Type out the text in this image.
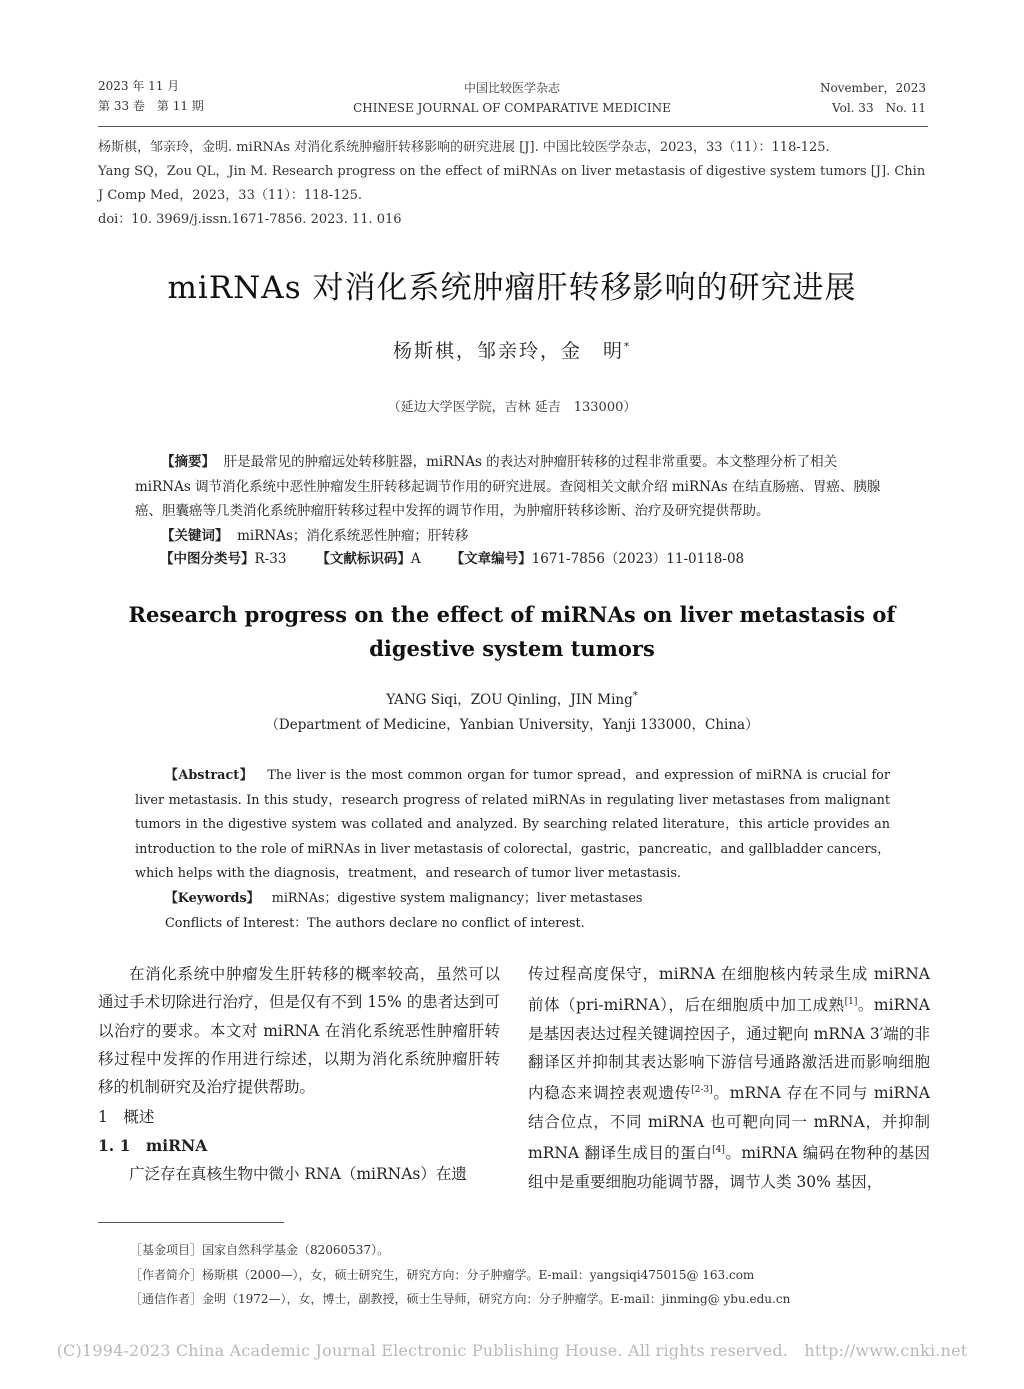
2023 年 11 月
第 33 卷　第 11 期
中国比较医学杂志
CHINESE JOURNAL OF COMPARATIVE MEDICINE
November，2023
Vol. 33　No. 11

杨斯棋，邹亲玲，金明. miRNAs 对消化系统肿瘤肝转移影响的研究进展 [J]. 中国比较医学杂志，2023，33（11）：118-125.

Yang SQ，Zou QL，Jin M. Research progress on the effect of miRNAs on liver metastasis of digestive system tumors [J]. Chin J Comp Med，2023，33（11）：118-125.

doi：10. 3969/j.issn.1671-7856. 2023. 11. 016

miRNAs 对消化系统肿瘤肝转移影响的研究进展
杨斯棋，邹亲玲，金　明*
（延边大学医学院，吉林 延吉　133000）

【摘要】 肝是最常见的肿瘤远处转移脏器，miRNAs 的表达对肿瘤肝转移的过程非常重要。本文整理分析了相关 miRNAs 调节消化系统中恶性肿瘤发生肝转移起调节作用的研究进展。查阅相关文献介绍 miRNAs 在结直肠癌、胃癌、胰腺癌、胆囊癌等几类消化系统肿瘤肝转移过程中发挥的调节作用，为肿瘤肝转移诊断、治疗及研究提供帮助。

【关键词】 miRNAs；消化系统恶性肿瘤；肝转移

【中图分类号】R-33 【文献标识码】A 【文章编号】1671-7856（2023）11-0118-08
Research progress on the effect of miRNAs on liver metastasis of
digestive system tumors
YANG Siqi，ZOU Qinling，JIN Ming*
（Department of Medicine，Yanbian University，Yanji 133000，China）

【Abstract】 The liver is the most common organ for tumor spread，and expression of miRNA is crucial for liver metastasis. In this study，research progress of related miRNAs in regulating liver metastases from malignant tumors in the digestive system was collated and analyzed. By searching related literature，this article provides an introduction to the role of miRNAs in liver metastasis of colorectal，gastric，pancreatic，and gallbladder cancers，which helps with the diagnosis，treatment，and research of tumor liver metastasis.

【Keywords】 miRNAs；digestive system malignancy；liver metastases

Conflicts of Interest：The authors declare no conflict of interest.

在消化系统中肿瘤发生肝转移的概率较高，虽然可以通过手术切除进行治疗，但是仅有不到 15% 的患者达到可以治疗的要求。本文对 miRNA 在消化系统恶性肿瘤肝转移过程中发挥的作用进行综述，以期为消化系统肿瘤肝转移的机制研究及治疗提供帮助。

1　概述

1. 1　miRNA

广泛存在真核生物中微小 RNA（miRNAs）在遗

传过程高度保守，miRNA 在细胞核内转录生成 miRNA 前体（pri-miRNA），后在细胞质中加工成熟[1]。miRNA 是基因表达过程关键调控因子，通过靶向 mRNA 3′端的非翻译区并抑制其表达影响下游信号通路激活进而影响细胞内稳态来调控表观遗传[2-3]。mRNA 存在不同与 miRNA 结合位点，不同 miRNA 也可靶向同一 mRNA，并抑制 mRNA 翻译生成目的蛋白[4]。miRNA 编码在物种的基因组中是重要细胞功能调节器，调节人类 30% 基因，

［基金项目］国家自然科学基金（82060537）。

［作者简介］杨斯棋（2000—），女，硕士研究生，研究方向：分子肿瘤学。E-mail：yangsiqi475015@ 163.com

［通信作者］金明（1972—），女，博士，副教授，硕士生导师，研究方向：分子肿瘤学。E-mail：jinming@ ybu.edu.cn

(C)1994-2023 China Academic Journal Electronic Publishing House. All rights reserved.　http://www.cnki.net
